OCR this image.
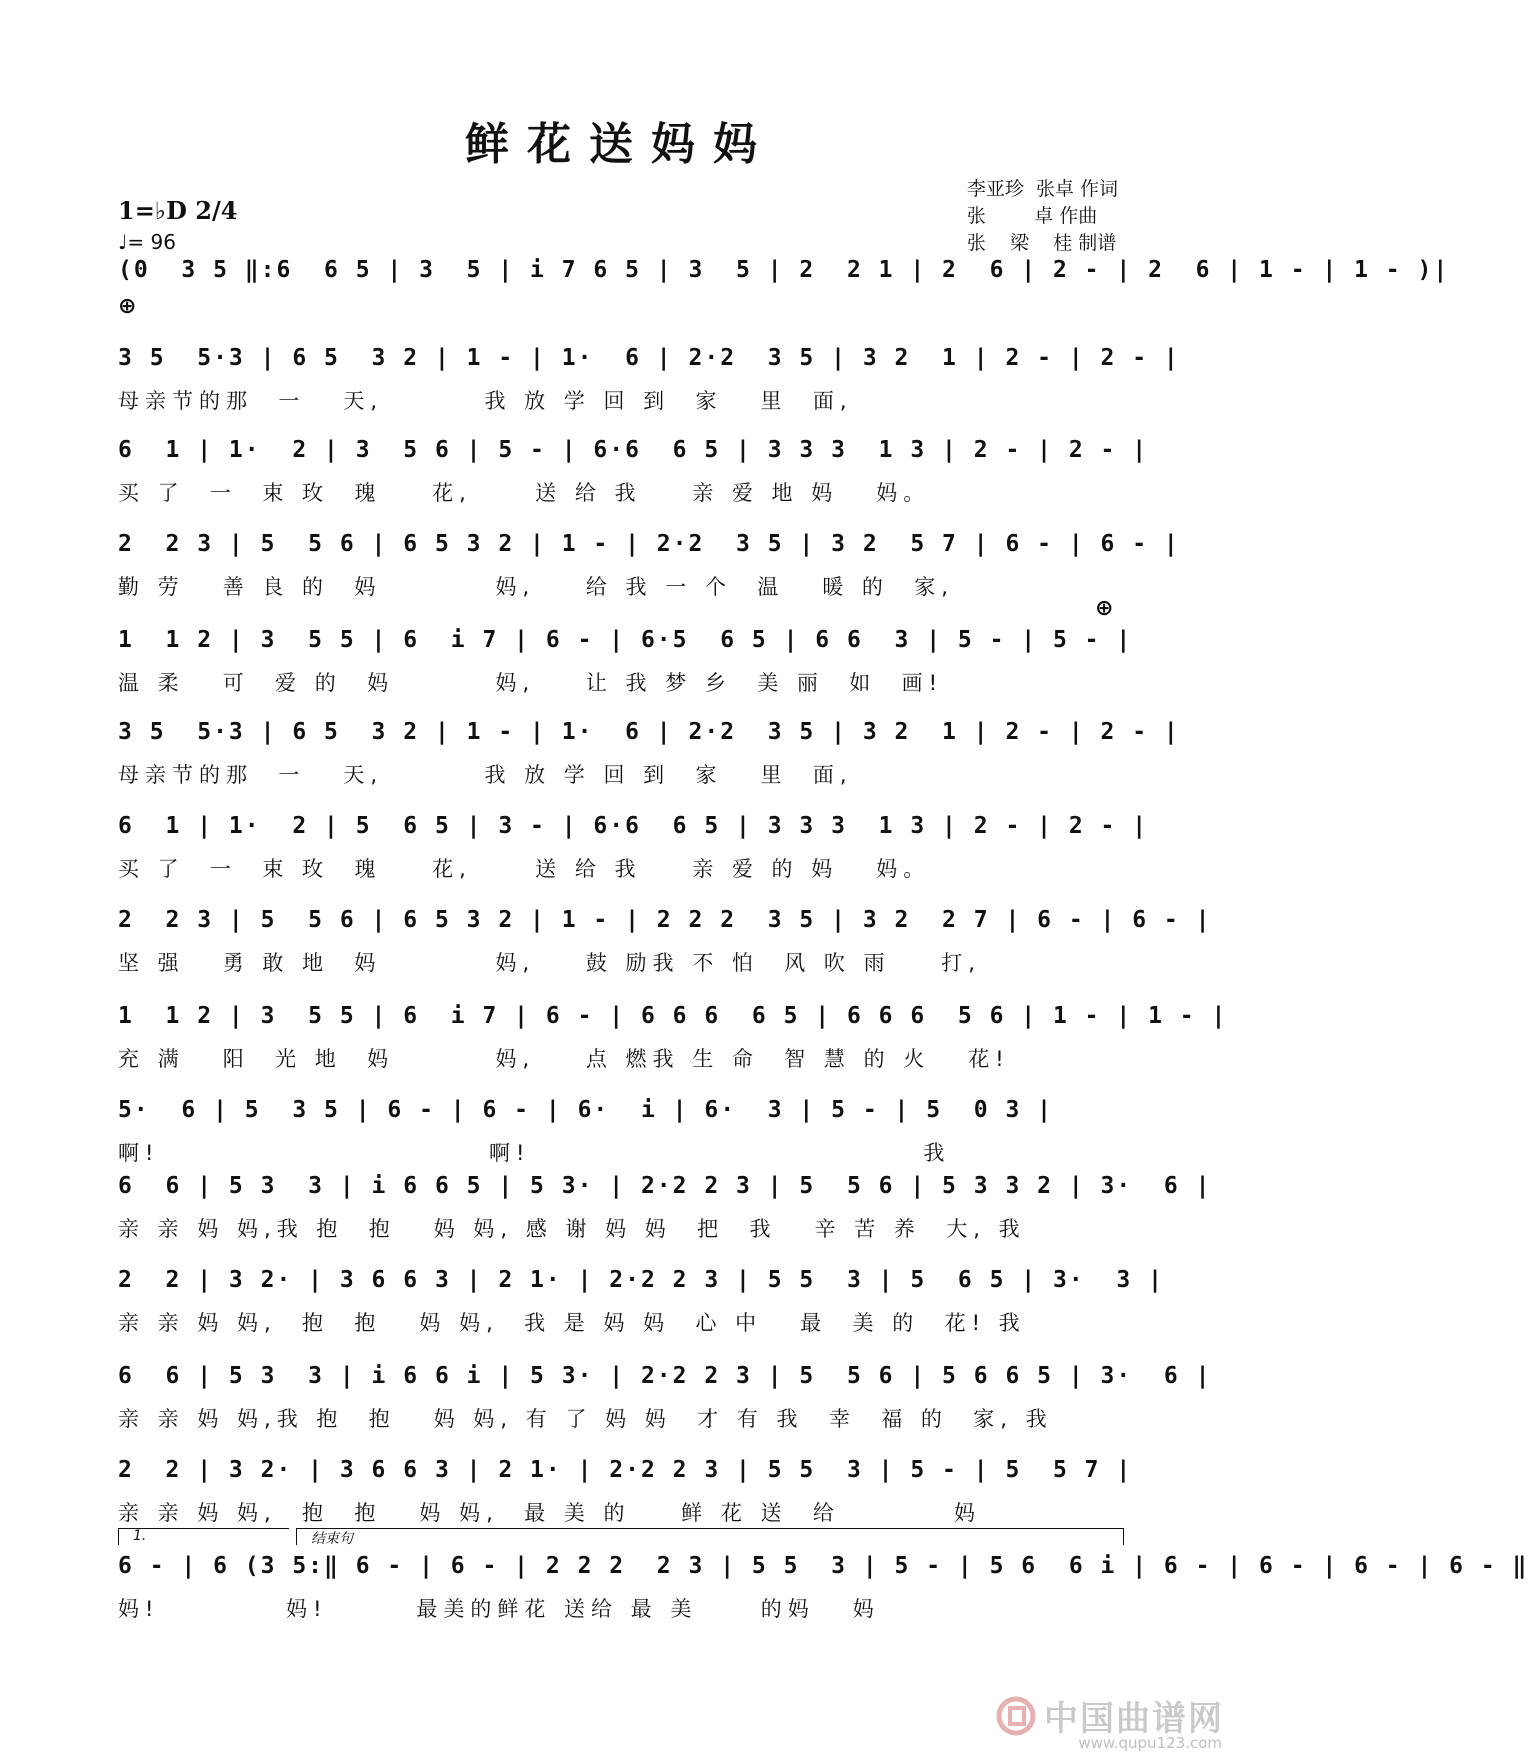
鲜花送妈妈
李亚珍  张卓 作词
张        卓 作曲
张    梁    桂 制谱
1=♭D 2/4
♩= 96
⊕
⊕
(0  3 5 ‖:6  6 5 | 3  5 | i 7 6 5 | 3  5 | 2  2 1 | 2  6 | 2 - | 2  6 | 1 - | 1 - )|
3 5  5·3 | 6 5  3 2 | 1 - | 1·  6 | 2·2  3 5 | 3 2  1 | 2 - | 2 - |
母亲节的那  一   天,        我 放 学 回 到  家   里  面,
6  1 | 1·  2 | 3  5 6 | 5 - | 6·6  6 5 | 3 3 3  1 3 | 2 - | 2 - |
买 了  一  束 玫  瑰    花,     送 给 我    亲 爱 地 妈   妈。
2  2 3 | 5  5 6 | 6 5 3 2 | 1 - | 2·2  3 5 | 3 2  5 7 | 6 - | 6 - |
勤 劳   善 良 的  妈         妈,    给 我 一 个  温   暖 的  家,
1  1 2 | 3  5 5 | 6  i 7 | 6 - | 6·5  6 5 | 6 6  3 | 5 - | 5 - |
温 柔   可  爱 的  妈        妈,    让 我 梦 乡  美 丽  如  画!
3 5  5·3 | 6 5  3 2 | 1 - | 1·  6 | 2·2  3 5 | 3 2  1 | 2 - | 2 - |
母亲节的那  一   天,        我 放 学 回 到  家   里  面,
6  1 | 1·  2 | 5  6 5 | 3 - | 6·6  6 5 | 3 3 3  1 3 | 2 - | 2 - |
买 了  一  束 玫  瑰    花,     送 给 我    亲 爱 的 妈   妈。
2  2 3 | 5  5 6 | 6 5 3 2 | 1 - | 2 2 2  3 5 | 3 2  2 7 | 6 - | 6 - |
坚 强   勇 敢 地  妈         妈,    鼓 励我 不 怕  风 吹 雨    打,
1  1 2 | 3  5 5 | 6  i 7 | 6 - | 6 6 6  6 5 | 6 6 6  5 6 | 1 - | 1 - |
充 满   阳  光 地  妈        妈,    点 燃我 生 命  智 慧 的 火   花!
5·  6 | 5  3 5 | 6 - | 6 - | 6·  i | 6·  3 | 5 - | 5  0 3 |
啊!                          啊!                               我
6  6 | 5 3  3 | i 6 6 5 | 5 3· | 2·2 2 3 | 5  5 6 | 5 3 3 2 | 3·  6 |
亲 亲 妈 妈,我 抱  抱   妈 妈, 感 谢 妈 妈  把  我   辛 苦 养  大, 我
2  2 | 3 2· | 3 6 6 3 | 2 1· | 2·2 2 3 | 5 5  3 | 5  6 5 | 3·  3 |
亲 亲 妈 妈,  抱  抱   妈 妈,  我 是 妈 妈  心 中   最  美 的  花! 我
6  6 | 5 3  3 | i 6 6 i | 5 3· | 2·2 2 3 | 5  5 6 | 5 6 6 5 | 3·  6 |
亲 亲 妈 妈,我 抱  抱   妈 妈, 有 了 妈 妈  才 有 我  幸  福 的  家, 我
2  2 | 3 2· | 3 6 6 3 | 2 1· | 2·2 2 3 | 5 5  3 | 5 - | 5  5 7 |
亲 亲 妈 妈,  抱  抱   妈 妈,  最 美 的    鲜 花 送  给         妈
1.	结束句
6 - | 6 (3 5:‖ 6 - | 6 - | 2 2 2  2 3 | 5 5  3 | 5 - | 5 6  6 i | 6 - | 6 - | 6 - | 6 - ‖
妈!          妈!       最美的鲜花 送给 最 美     的妈   妈
中国曲谱网
www.qupu123.com
